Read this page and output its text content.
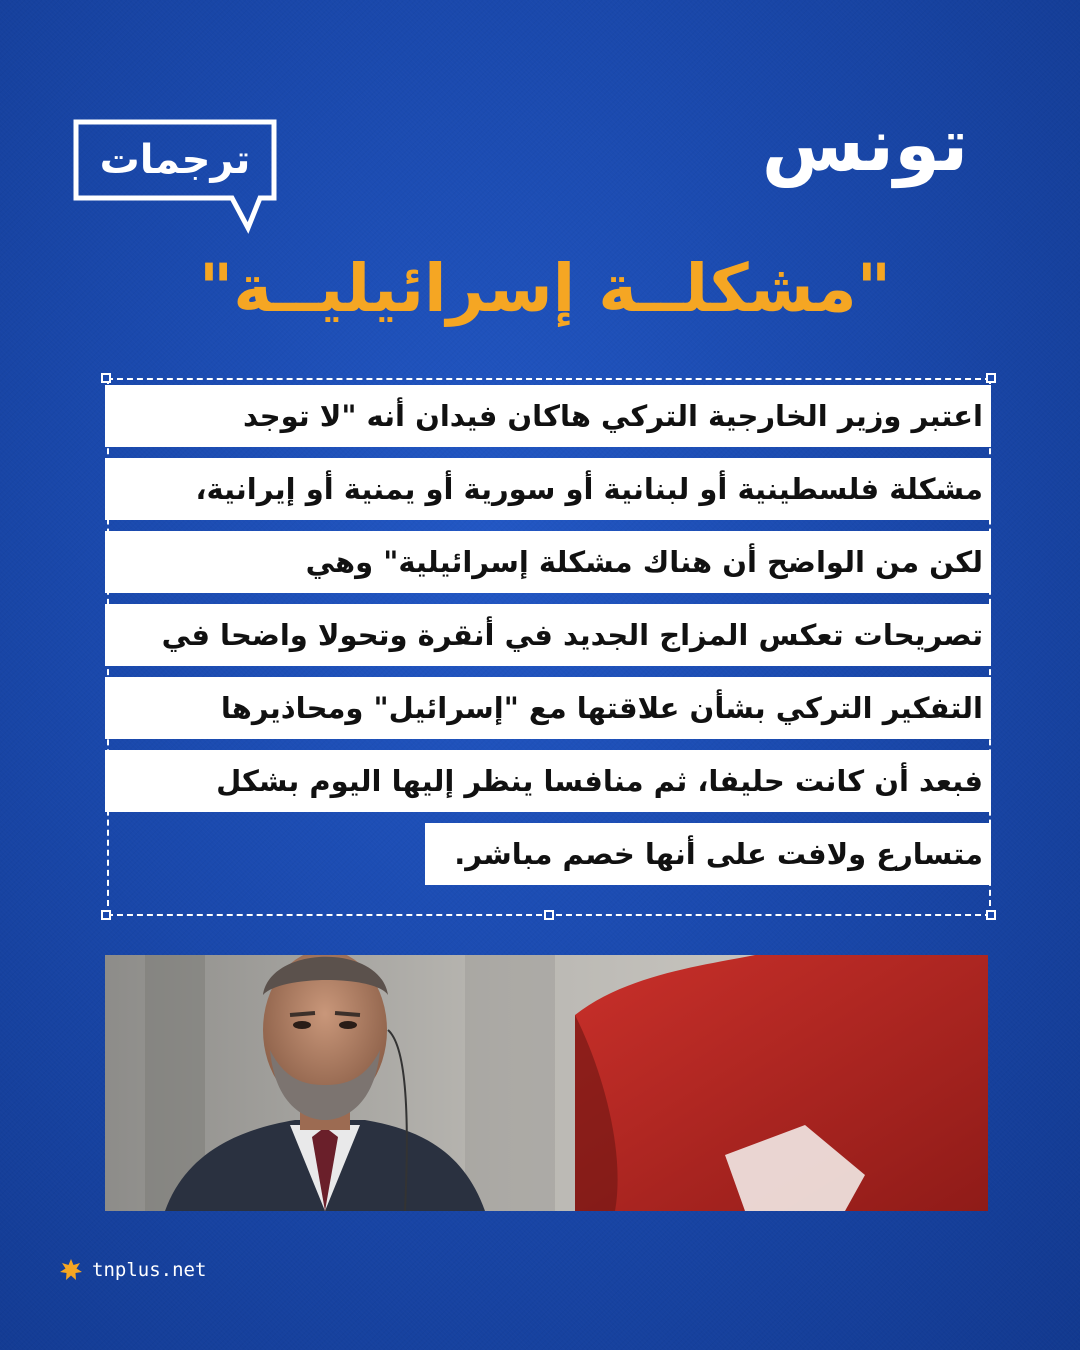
ترجمات	تونس
"مشكلــة إسرائيليــة"
اعتبر وزير الخارجية التركي هاكان فيدان أنه "لا توجد
مشكلة فلسطينية أو لبنانية أو سورية أو يمنية أو إيرانية،
لكن من الواضح أن هناك مشكلة إسرائيلية" وهي
تصريحات تعكس المزاج الجديد في أنقرة وتحولا واضحا في
التفكير التركي بشأن علاقتها مع "إسرائيل" ومحاذيرها
فبعد أن كانت حليفا، ثم منافسا ينظر إليها اليوم بشكل
متسارع ولافت على أنها خصم مباشر.
tnplus.net
